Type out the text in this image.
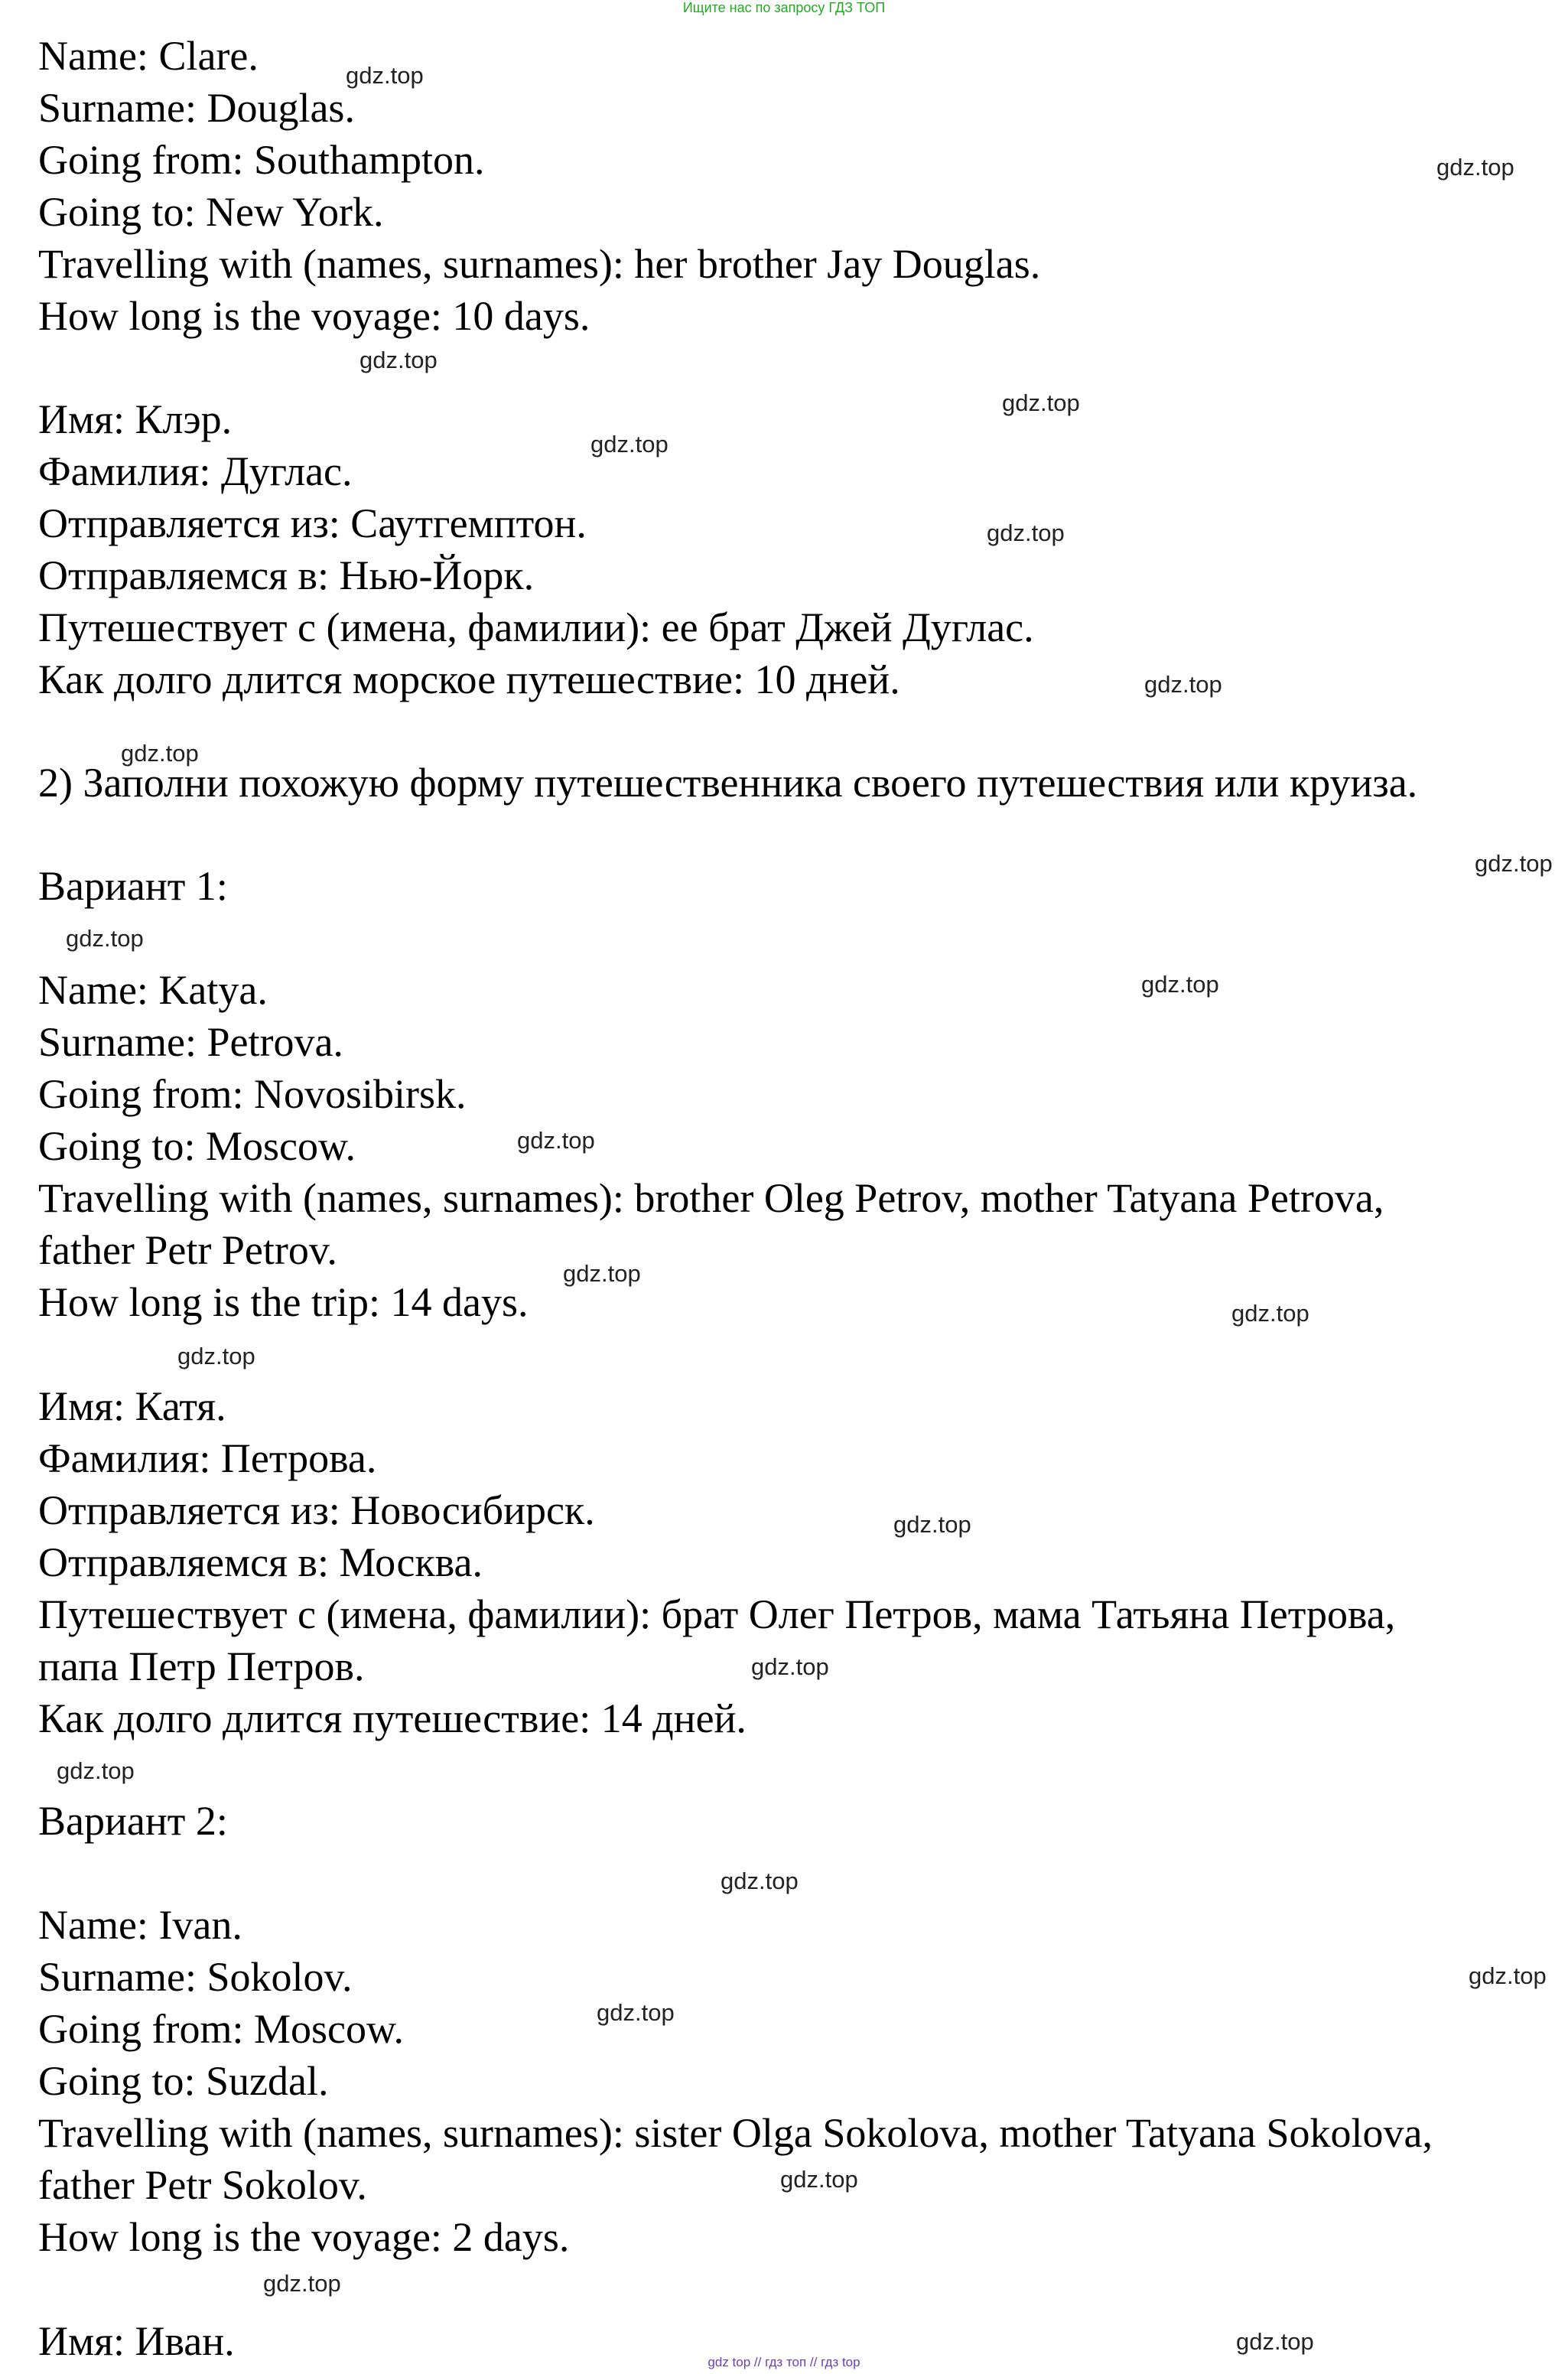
Ищите нас по запросу ГДЗ ТОП

Name: Clare.

Surname: Douglas.

Going from: Southampton.

Going to: New York.

Travelling with (names, surnames): her brother Jay Douglas.

How long is the voyage: 10 days.

Имя: Клэр.

Фамилия: Дуглас.

Отправляется из: Саутгемптон.

Отправляемся в: Нью-Йорк.

Путешествует с (имена, фамилии): ее брат Джей Дуглас.

Как долго длится морское путешествие: 10 дней.

2) Заполни похожую форму путешественника своего путешествия или круиза.

Вариант 1:

Name: Katya.

Surname: Petrova.

Going from: Novosibirsk.

Going to: Moscow.

Travelling with (names, surnames): brother Oleg Petrov, mother Tatyana Petrova,

father Petr Petrov.

How long is the trip: 14 days.

Имя: Катя.

Фамилия: Петрова.

Отправляется из: Новосибирск.

Отправляемся в: Москва.

Путешествует с (имена, фамилии): брат Олег Петров, мама Татьяна Петрова,

папа Петр Петров.

Как долго длится путешествие: 14 дней.

Вариант 2:

Name: Ivan.

Surname: Sokolov.

Going from: Moscow.

Going to: Suzdal.

Travelling with (names, surnames): sister Olga Sokolova, mother Tatyana Sokolova,

father Petr Sokolov.

How long is the voyage: 2 days.

Имя: Иван.

gdz.top
gdz.top
gdz.top
gdz.top
gdz.top
gdz.top
gdz.top
gdz.top
gdz.top
gdz.top
gdz.top
gdz.top
gdz.top
gdz.top
gdz.top
gdz.top
gdz.top
gdz.top
gdz.top
gdz.top
gdz.top
gdz.top
gdz.top
gdz.top
gdz top // гдз топ // гдз top
